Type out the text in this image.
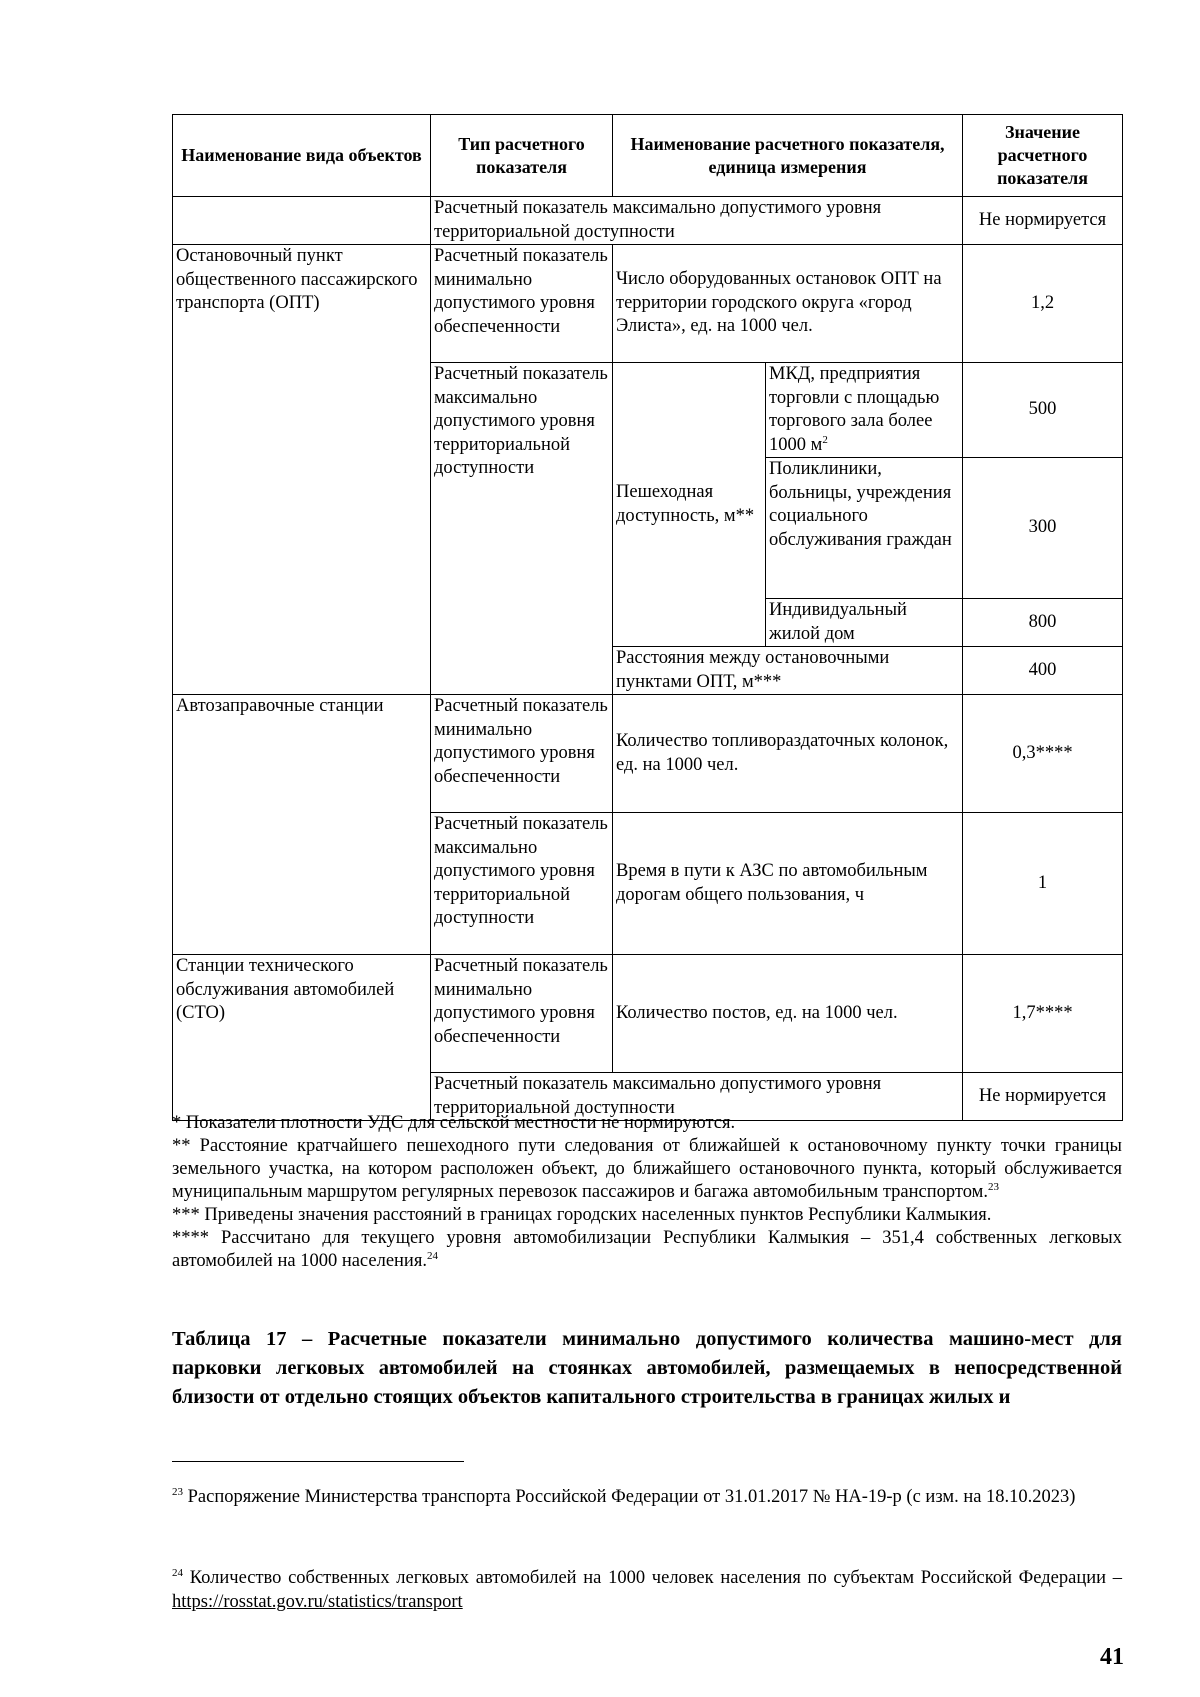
Наименование вида объектов	Тип расчетного показателя	Наименование расчетного показателя, единица измерения		Значение расчетного показателя
	Расчетный показатель максимально допустимого уровня территориальной доступности			Не нормируется
Остановочный пункт общественного пассажирского транспорта (ОПТ)	Расчетный показатель минимально допустимого уровня обеспеченности	Число оборудованных остановок ОПТ на территории городского округа «город Элиста», ед. на 1000 чел.		1,2
	Расчетный показатель максимально допустимого уровня территориальной доступности	Пешеходная доступность, м**	МКД, предприятия торговли с площадью торгового зала более 1000 $м^2$	500
			Поликлиники, больницы, учреждения социального обслуживания граждан	300
			Индивидуальный жилой дом	800
		Расстояния между остановочными пунктами ОПТ, м***		400
Автозаправочные станции	Расчетный показатель минимально допустимого уровня обеспеченности	Количество топливораздаточных колонок, ед. на 1000 чел.		0,3****
	Расчетный показатель максимально допустимого уровня территориальной доступности	Время в пути к АЗС по автомобильным дорогам общего пользования, ч		1
Станции технического обслуживания автомобилей (СТО)	Расчетный показатель минимально допустимого уровня обеспеченности	Количество постов, ед. на 1000 чел.		1,7****
	Расчетный показатель максимально допустимого уровня территориальной доступности			Не нормируется

* Показатели плотности УДС для сельской местности не нормируются.

** Расстояние кратчайшего пешеходного пути следования от ближайшей к остановочному пункту точки границы земельного участка, на котором расположен объект, до ближайшего остановочного пункта, который обслуживается муниципальным маршрутом регулярных перевозок пассажиров и багажа автомобильным транспортом.$^{23}$

*** Приведены значения расстояний в границах городских населенных пунктов Республики Калмыкия.

**** Рассчитано для текущего уровня автомобилизации Республики Калмыкия – 351,4 собственных легковых автомобилей на 1000 населения.$^{24}$

Таблица 17 – Расчетные показатели минимально допустимого количества машино-мест для парковки легковых автомобилей на стоянках автомобилей, размещаемых в непосредственной близости от отдельно стоящих объектов капитального строительства в границах жилых и

$^{23}$ Распоряжение Министерства транспорта Российской Федерации от 31.01.2017 № НА-19-р (с изм. на 18.10.2023)

$^{24}$ Количество собственных легковых автомобилей на 1000 человек населения по субъектам Российской Федерации – https://rosstat.gov.ru/statistics/transport

41
